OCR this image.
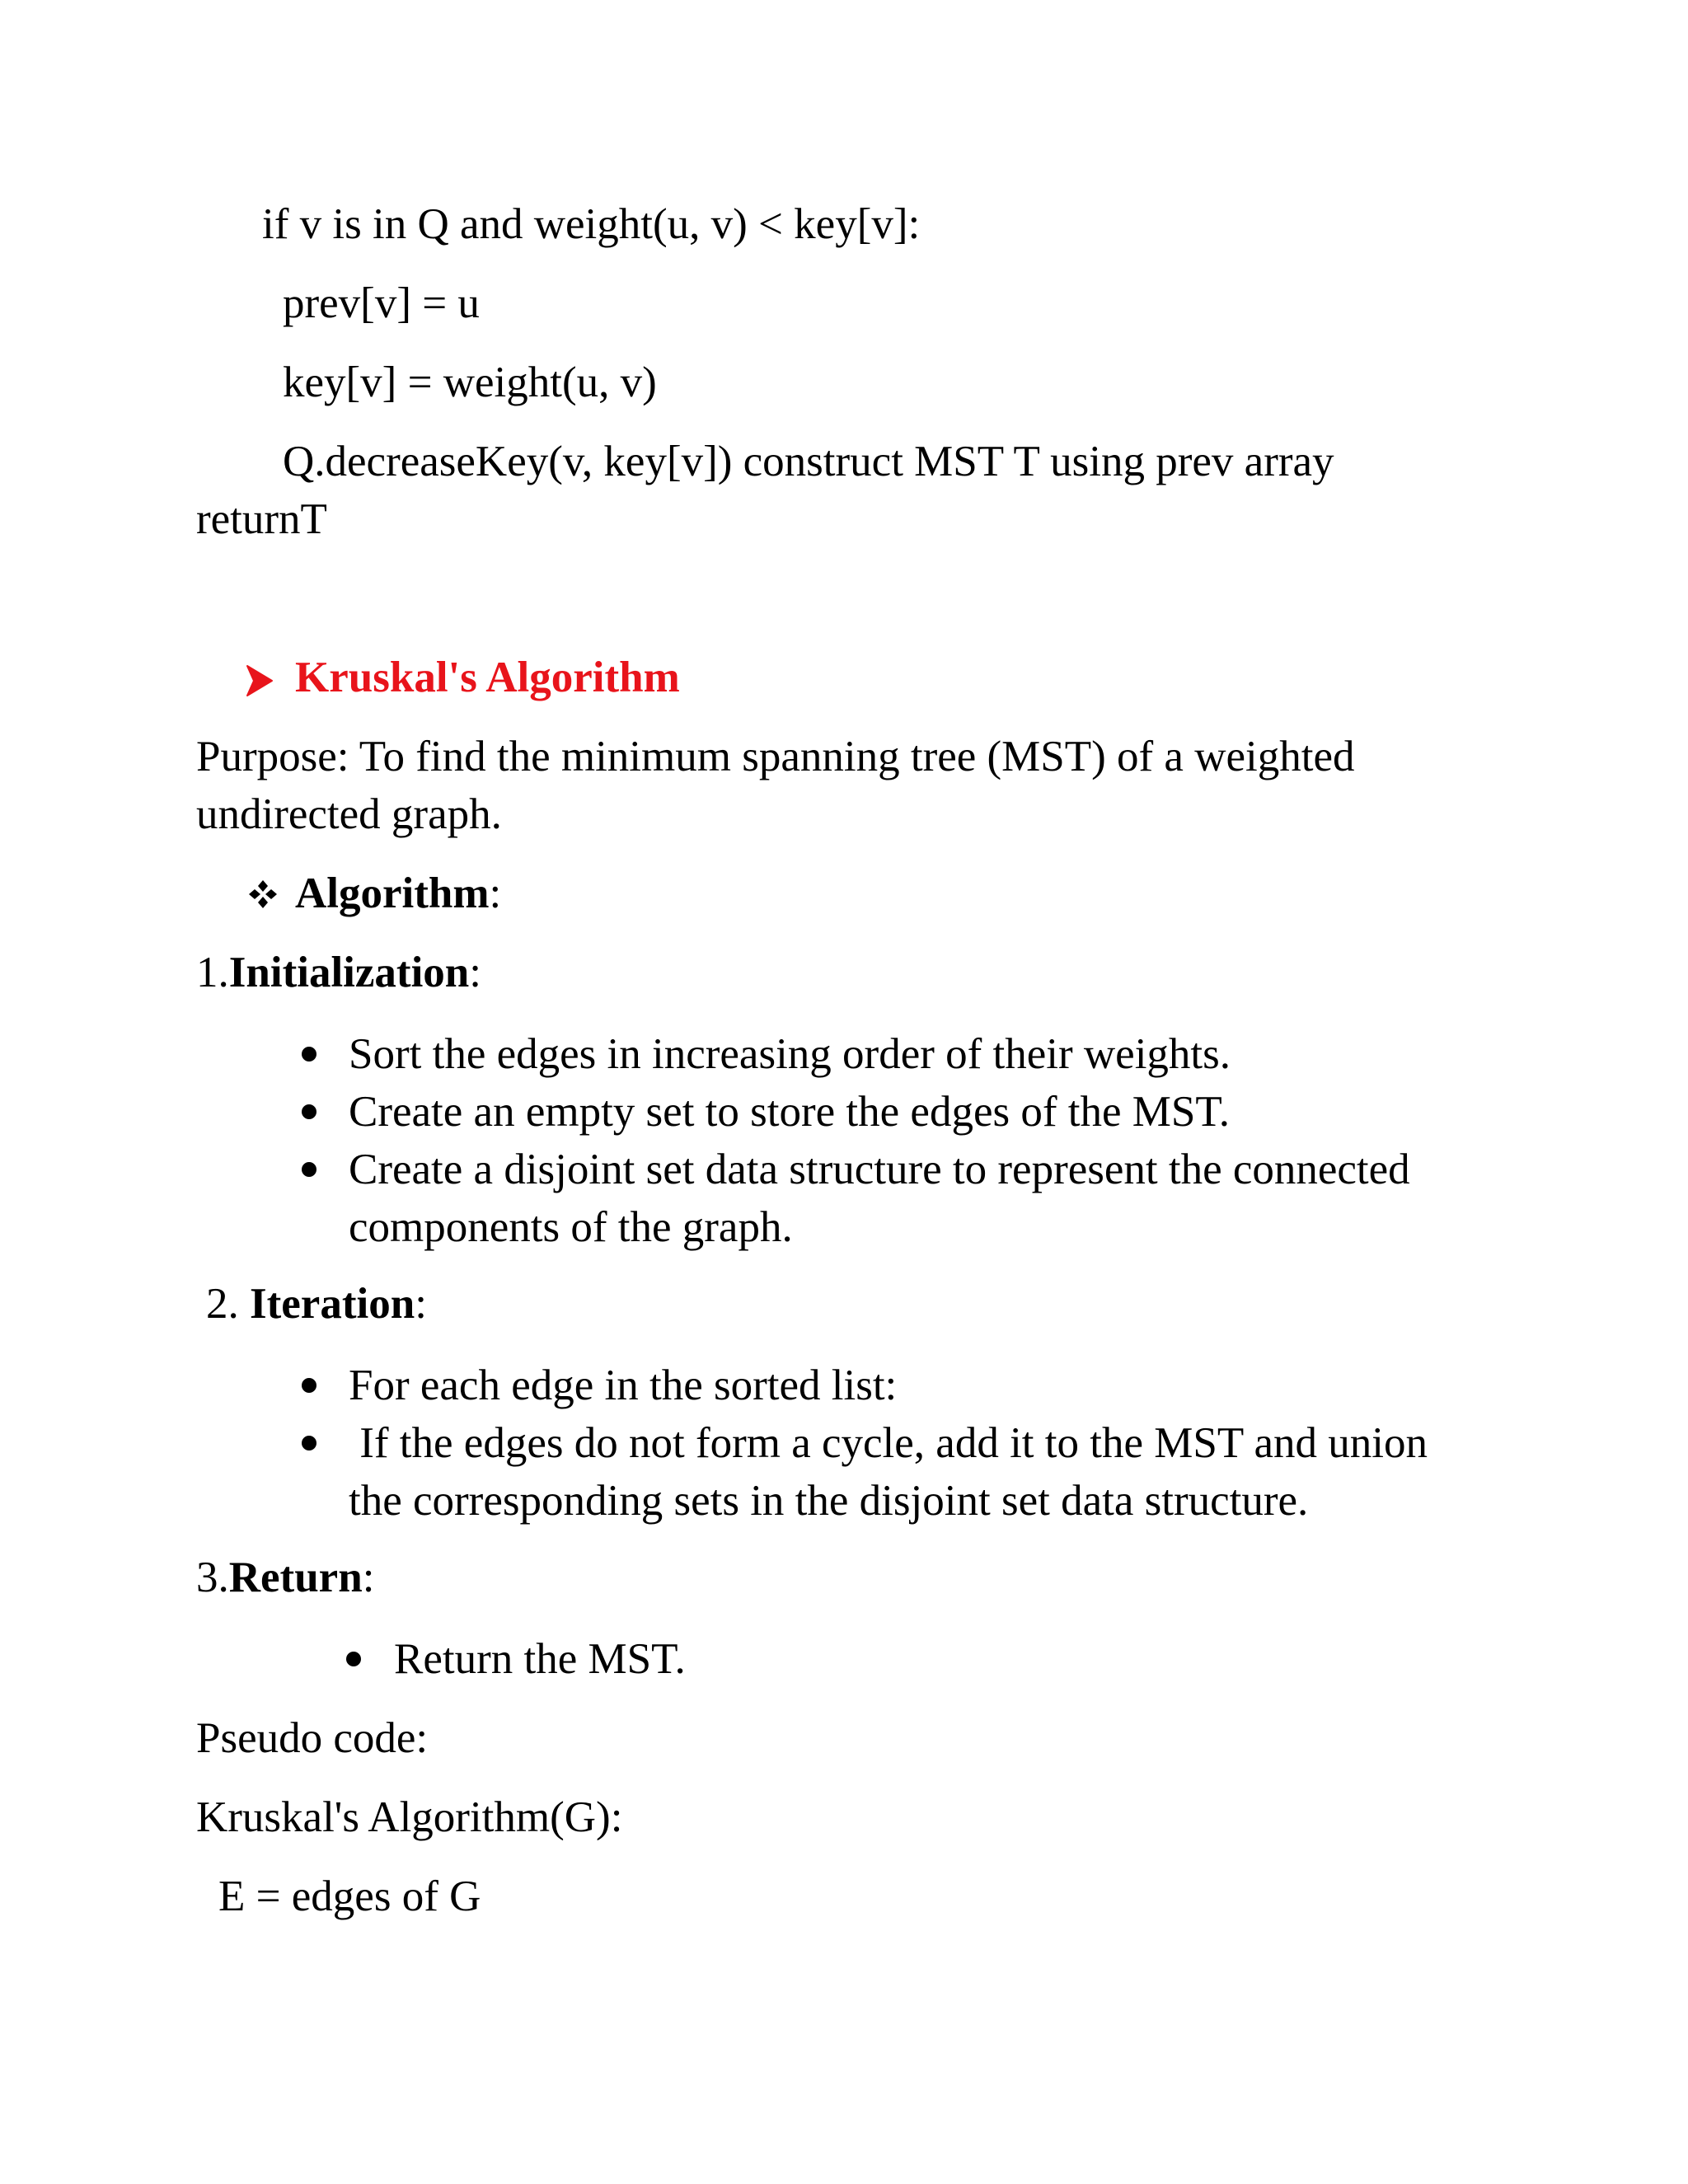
if v is in Q and weight(u, v) < key[v]:
prev[v] = u
key[v] = weight(u, v)
Q.decreaseKey(v, key[v]) construct MST T using prev array
returnT
Kruskal's Algorithm
Purpose: To find the minimum spanning tree (MST) of a weighted
undirected graph.
Algorithm:
1.Initialization:
Sort the edges in increasing order of their weights.
Create an empty set to store the edges of the MST.
Create a disjoint set data structure to represent the connected
components of the graph.
2. Iteration:
For each edge in the sorted list:
If the edges do not form a cycle, add it to the MST and union
the corresponding sets in the disjoint set data structure.
3.Return:
Return the MST.
Pseudo code:
Kruskal's Algorithm(G):
E = edges of G
